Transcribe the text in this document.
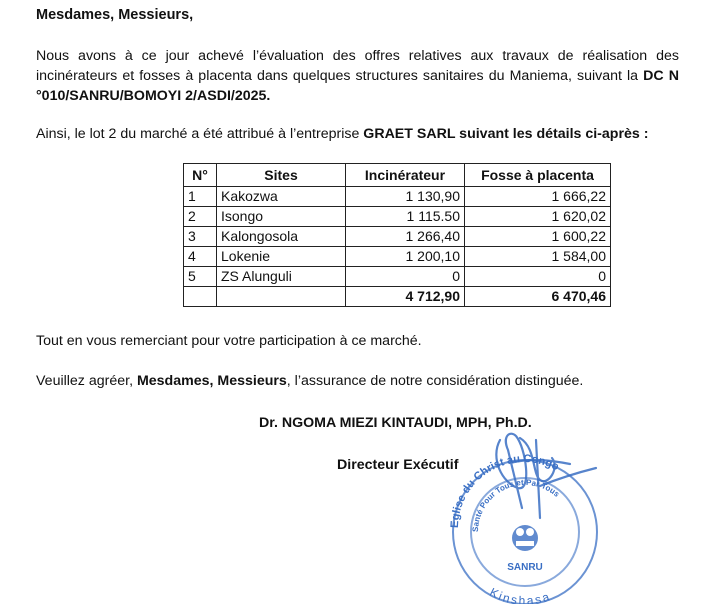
Mesdames, Messieurs,
Nous avons à ce jour achevé l’évaluation des offres relatives aux travaux de réalisation des incinérateurs et fosses à placenta dans quelques structures sanitaires du Maniema, suivant la DC N °010/SANRU/BOMOYI 2/ASDI/2025.
Ainsi, le lot 2 du marché a été attribué à l’entreprise GRAET SARL suivant les détails ci-après :
N°	Sites	Incinérateur	Fosse à placenta
1	Kakozwa	1 130,90	1 666,22
2	Isongo	1 115.50	1 620,02
3	Kalongosola	1 266,40	1 600,22
4	Lokenie	1 200,10	1 584,00
5	ZS Alunguli	0	0
		4 712,90	6 470,46
Tout en vous remerciant pour votre participation à ce marché.
Veuillez agréer, Mesdames, Messieurs, l’assurance de notre considération distinguée.
Dr. NGOMA MIEZI KINTAUDI, MPH, Ph.D.
Directeur Exécutif
Eglise du Christ au Congo
Santé Pour Tous et Par Tous
SANRU
Kinshasa
